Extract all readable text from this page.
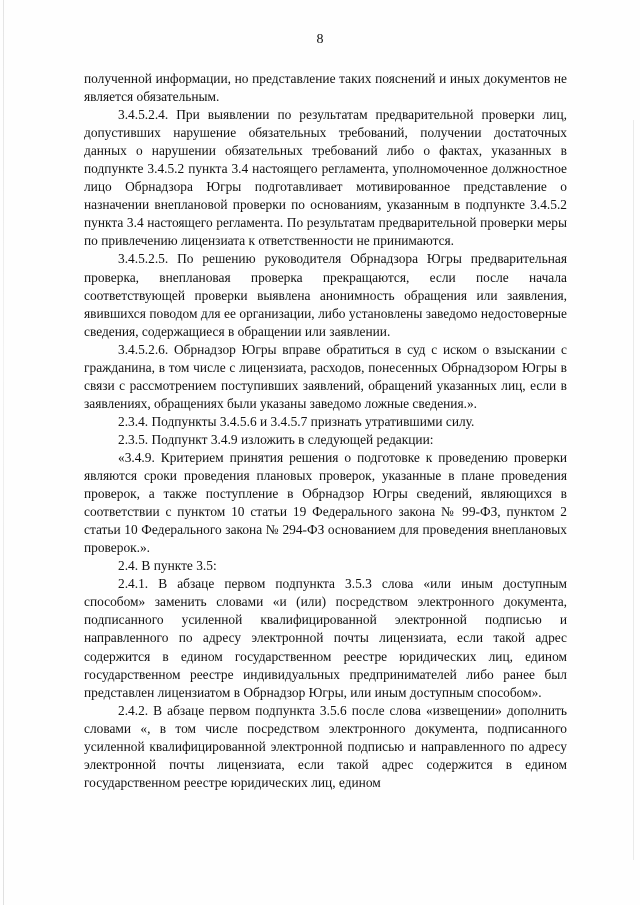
8

полученной информации, но представление таких пояснений и иных документов не является обязательным.

3.4.5.2.4. При выявлении по результатам предварительной проверки лиц, допустивших нарушение обязательных требований, получении достаточных данных о нарушении обязательных требований либо о фактах, указанных в подпункте 3.4.5.2 пункта 3.4 настоящего регламента, уполномоченное должностное лицо Обрнадзора Югры подготавливает мотивированное представление о назначении внеплановой проверки по основаниям, указанным в подпункте 3.4.5.2 пункта 3.4 настоящего регламента. По результатам предварительной проверки меры по привлечению лицензиата к ответственности не принимаются.

3.4.5.2.5. По решению руководителя Обрнадзора Югры предварительная проверка, внеплановая проверка прекращаются, если после начала соответствующей проверки выявлена анонимность обращения или заявления, явившихся поводом для ее организации, либо установлены заведомо недостоверные сведения, содержащиеся в обращении или заявлении.

3.4.5.2.6. Обрнадзор Югры вправе обратиться в суд с иском о взыскании с гражданина, в том числе с лицензиата, расходов, понесенных Обрнадзором Югры в связи с рассмотрением поступивших заявлений, обращений указанных лиц, если в заявлениях, обращениях были указаны заведомо ложные сведения.».

2.3.4. Подпункты 3.4.5.6 и 3.4.5.7 признать утратившими силу.

2.3.5. Подпункт 3.4.9 изложить в следующей редакции:

«3.4.9. Критерием принятия решения о подготовке к проведению проверки являются сроки проведения плановых проверок, указанные в плане проведения проверок, а также поступление в Обрнадзор Югры сведений, являющихся в соответствии с пунктом 10 статьи 19 Федерального закона № 99-ФЗ, пунктом 2 статьи 10 Федерального закона № 294-ФЗ основанием для проведения внеплановых проверок.».

2.4. В пункте 3.5:

2.4.1. В абзаце первом подпункта 3.5.3 слова «или иным доступным способом» заменить словами «и (или) посредством электронного документа, подписанного усиленной квалифицированной электронной подписью и направленного по адресу электронной почты лицензиата, если такой адрес содержится в едином государственном реестре юридических лиц, едином государственном реестре индивидуальных предпринимателей либо ранее был представлен лицензиатом в Обрнадзор Югры, или иным доступным способом».

2.4.2. В абзаце первом подпункта 3.5.6 после слова «извещении» дополнить словами «, в том числе посредством электронного документа, подписанного усиленной квалифицированной электронной подписью и направленного по адресу электронной почты лицензиата, если такой адрес содержится в едином государственном реестре юридических лиц, едином
